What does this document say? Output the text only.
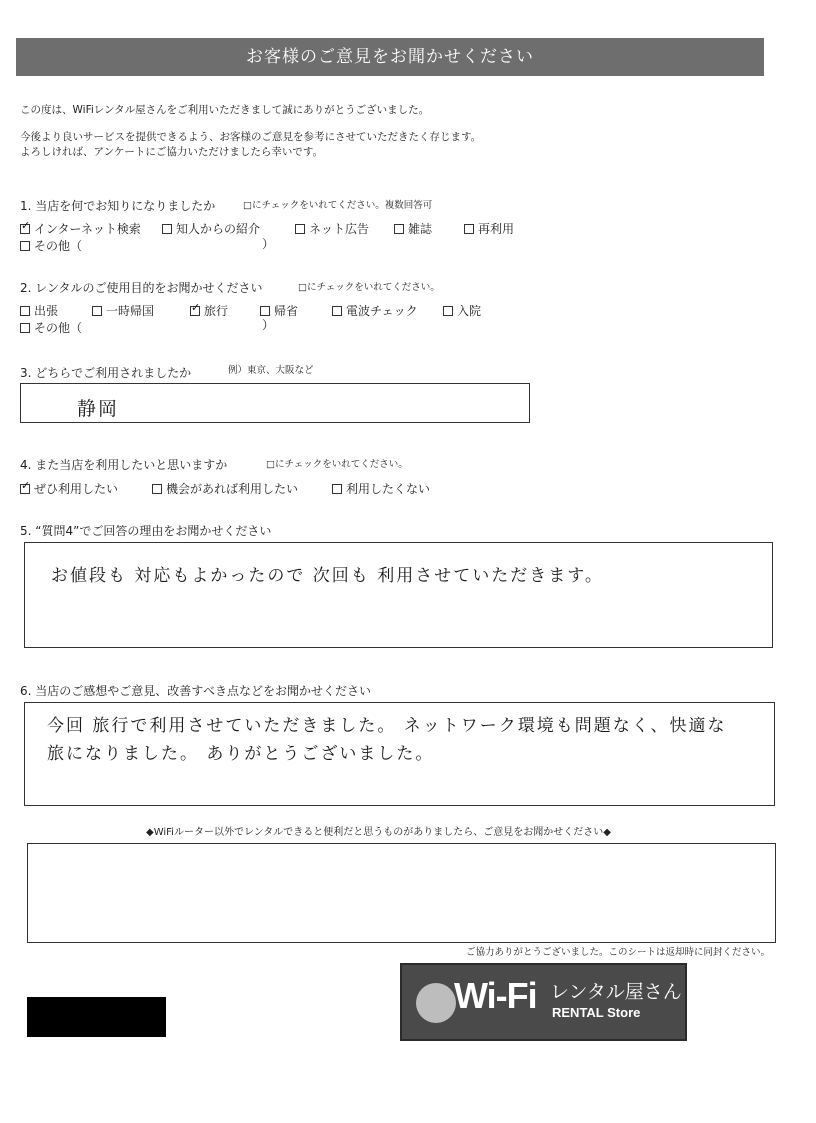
お客様のご意見をお聞かせください
この度は、WiFiレンタル屋さんをご利用いただきまして誠にありがとうございました。
今後より良いサービスを提供できるよう、お客様のご意見を参考にさせていただきたく存じます。
よろしければ、アンケートにご協力いただけましたら幸いです。
1. 当店を何でお知りになりましたか	□にチェックをいれてください。複数回答可
✓
インターネット検索	知人からの紹介	ネット広告	雑誌	再利用
その他（	）
2. レンタルのご使用目的をお聞かせください	□にチェックをいれてください。
出張	一時帰国
✓	旅行	帰省	電波チェック	入院
その他（	）
3. どちらでご利用されましたか	例）東京、大阪など
静岡
4. また当店を利用したいと思いますか	□にチェックをいれてください。
✓
ぜひ利用したい	機会があれば利用したい	利用したくない
5. “質問4”でご回答の理由をお聞かせください
お値段も 対応もよかったので 次回も 利用させていただきます。
6. 当店のご感想やご意見、改善すべき点などをお聞かせください
今回 旅行で利用させていただきました。 ネットワーク環境も問題なく、快適な
旅になりました。 ありがとうございました。
◆WiFiルーター以外でレンタルできると便利だと思うものがありましたら、ご意見をお聞かせください◆
ご協力ありがとうございました。このシートは返却時に同封ください。
Wi-Fi レンタル屋さん
RENTAL Store
